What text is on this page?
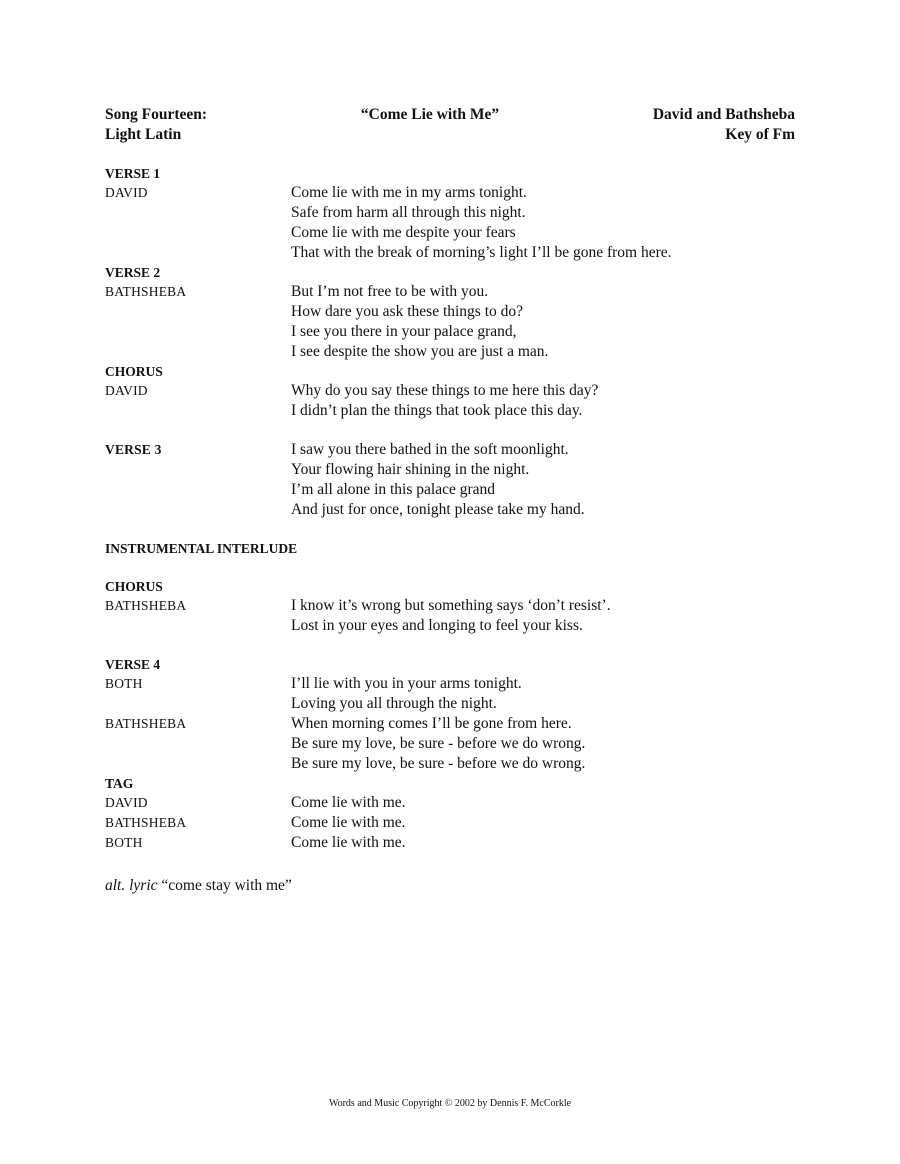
Song Fourteen:
Light Latin
“Come Lie with Me”	David and Bathsheba
Key of Fm
VERSE 1
DAVID	Come lie with me in my arms tonight.
Safe from harm all through this night.
Come lie with me despite your fears
That with the break of morning’s light I’ll be gone from here.
VERSE 2
BATHSHEBA	But I’m not free to be with you.
How dare you ask these things to do?
I see you there in your palace grand,
I see despite the show you are just a man.
CHORUS
DAVID	Why do you say these things to me here this day?
I didn’t plan the things that took place this day.
VERSE 3	I saw you there bathed in the soft moonlight.
Your flowing hair shining in the night.
I’m all alone in this palace grand
And just for once, tonight please take my hand.
INSTRUMENTAL INTERLUDE
CHORUS
BATHSHEBA	I know it’s wrong but something says ‘don’t resist’.
Lost in your eyes and longing to feel your kiss.
VERSE 4
BOTH	I’ll lie with you in your arms tonight.
Loving you all through the night.
BATHSHEBA	When morning comes I’ll be gone from here.
Be sure my love, be sure - before we do wrong.
Be sure my love, be sure - before we do wrong.
TAG
DAVID	Come lie with me.
BATHSHEBA	Come lie with me.
BOTH	Come lie with me.
alt. lyric “come stay with me”
Words and Music Copyright © 2002 by Dennis F. McCorkle
